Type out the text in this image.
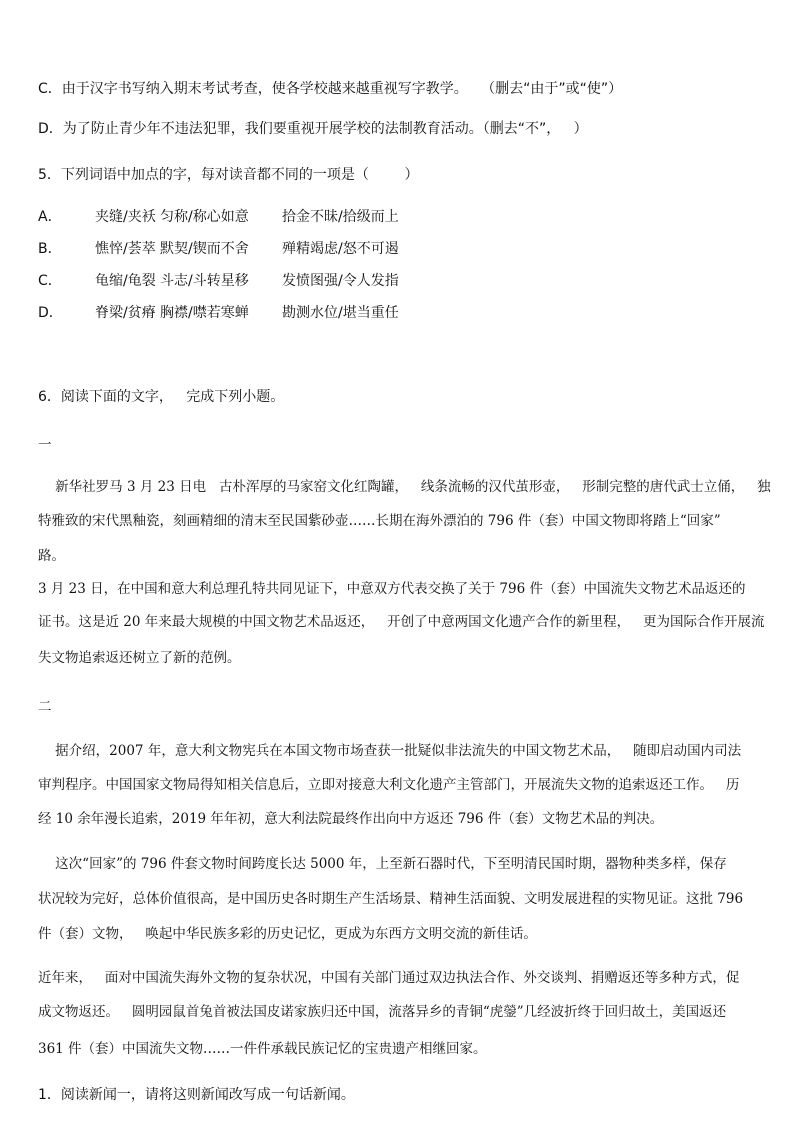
C．由于汉字书写纳入期末考试考查，使各学校越来越重视写字教学。   （删去“由于”或“使”）
D．为了防止青少年不违法犯罪，我们要重视开展学校的法制教育活动。（删去“不”，   ）
5．下列词语中加点的字，每对读音都不同的一项是（        ）
A． 夹缝/夹袄 匀称/称心如意 拾金不昧/拾级而上
B． 憔悴/荟萃 默契/锲而不舍 殚精竭虑/怒不可遏
C． 龟缩/龟裂 斗志/斗转星移 发愤图强/令人发指
D． 脊梁/贫瘠 胸襟/噤若寒蝉 勘测水位/堪当重任
6．阅读下面的文字，   完成下列小题。
一
新华社罗马 3 月 23 日电   古朴浑厚的马家窑文化红陶罐，   线条流畅的汉代茧形壶，   形制完整的唐代武士立俑，   独
特雅致的宋代黑釉瓷，刻画精细的清末至民国紫砂壶……长期在海外漂泊的 796 件（套）中国文物即将踏上“回家”
路。
3 月 23 日，在中国和意大利总理孔特共同见证下，中意双方代表交换了关于 796 件（套）中国流失文物艺术品返还的
证书。这是近 20 年来最大规模的中国文物艺术品返还，   开创了中意两国文化遗产合作的新里程，   更为国际合作开展流
失文物追索返还树立了新的范例。
二
据介绍，2007 年，意大利文物宪兵在本国文物市场查获一批疑似非法流失的中国文物艺术品，   随即启动国内司法
审判程序。中国国家文物局得知相关信息后，立即对接意大利文化遗产主管部门，开展流失文物的追索返还工作。   历
经 10 余年漫长追索，2019 年年初，意大利法院最终作出向中方返还 796 件（套）文物艺术品的判决。
这次“回家”的 796 件套文物时间跨度长达 5000 年，上至新石器时代，下至明清民国时期，器物种类多样，保存
状况较为完好，总体价值很高，是中国历史各时期生产生活场景、精神生活面貌、文明发展进程的实物见证。这批 796
件（套）文物，   唤起中华民族多彩的历史记忆，更成为东西方文明交流的新佳话。
近年来，   面对中国流失海外文物的复杂状况，中国有关部门通过双边执法合作、外交谈判、捐赠返还等多种方式，促
成文物返还。   圆明园鼠首兔首被法国皮诺家族归还中国，流落异乡的青铜“虎鎣”几经波折终于回归故土，美国返还
361 件（套）中国流失文物……一件件承载民族记忆的宝贵遗产相继回家。
1．阅读新闻一，请将这则新闻改写成一句话新闻。
